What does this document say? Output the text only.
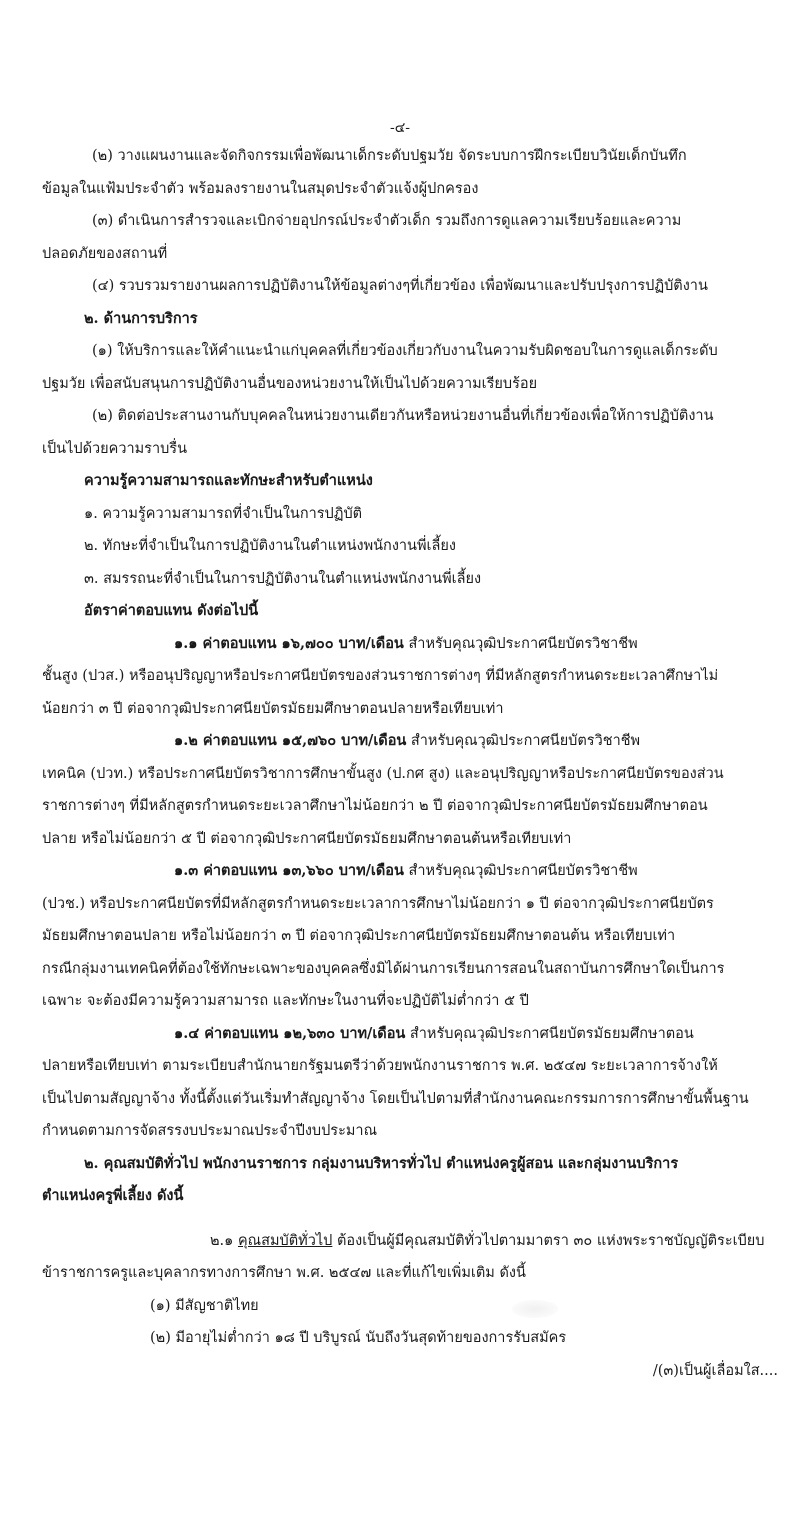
-๔-
(๒) วางแผนงานและจัดกิจกรรมเพื่อพัฒนาเด็กระดับปฐมวัย จัดระบบการฝึกระเบียบวินัยเด็กบันทึก
ข้อมูลในแฟ้มประจำตัว พร้อมลงรายงานในสมุดประจำตัวแจ้งผู้ปกครอง
(๓) ดำเนินการสำรวจและเบิกจ่ายอุปกรณ์ประจำตัวเด็ก รวมถึงการดูแลความเรียบร้อยและความ
ปลอดภัยของสถานที่
(๔) รวบรวมรายงานผลการปฏิบัติงานให้ข้อมูลต่างๆที่เกี่ยวข้อง เพื่อพัฒนาและปรับปรุงการปฏิบัติงาน
๒. ด้านการบริการ
(๑) ให้บริการและให้คำแนะนำแก่บุคคลที่เกี่ยวข้องเกี่ยวกับงานในความรับผิดชอบในการดูแลเด็กระดับ
ปฐมวัย เพื่อสนับสนุนการปฏิบัติงานอื่นของหน่วยงานให้เป็นไปด้วยความเรียบร้อย
(๒) ติดต่อประสานงานกับบุคคลในหน่วยงานเดียวกันหรือหน่วยงานอื่นที่เกี่ยวข้องเพื่อให้การปฏิบัติงาน
เป็นไปด้วยความราบรื่น
ความรู้ความสามารถและทักษะสำหรับตำแหน่ง
๑. ความรู้ความสามารถที่จำเป็นในการปฏิบัติ
๒. ทักษะที่จำเป็นในการปฏิบัติงานในตำแหน่งพนักงานพี่เลี้ยง
๓. สมรรถนะที่จำเป็นในการปฏิบัติงานในตำแหน่งพนักงานพี่เลี้ยง
อัตราค่าตอบแทน ดังต่อไปนี้
๑.๑ ค่าตอบแทน ๑๖,๗๐๐ บาท/เดือน สำหรับคุณวุฒิประกาศนียบัตรวิชาชีพ
ชั้นสูง (ปวส.) หรืออนุปริญญาหรือประกาศนียบัตรของส่วนราชการต่างๆ ที่มีหลักสูตรกำหนดระยะเวลาศึกษาไม่
น้อยกว่า ๓ ปี ต่อจากวุฒิประกาศนียบัตรมัธยมศึกษาตอนปลายหรือเทียบเท่า
๑.๒ ค่าตอบแทน ๑๕,๗๖๐ บาท/เดือน สำหรับคุณวุฒิประกาศนียบัตรวิชาชีพ
เทคนิค (ปวท.) หรือประกาศนียบัตรวิชาการศึกษาขั้นสูง (ป.กศ สูง) และอนุปริญญาหรือประกาศนียบัตรของส่วน
ราชการต่างๆ ที่มีหลักสูตรกำหนดระยะเวลาศึกษาไม่น้อยกว่า ๒ ปี ต่อจากวุฒิประกาศนียบัตรมัธยมศึกษาตอน
ปลาย หรือไม่น้อยกว่า ๕ ปี ต่อจากวุฒิประกาศนียบัตรมัธยมศึกษาตอนต้นหรือเทียบเท่า
๑.๓ ค่าตอบแทน ๑๓,๖๖๐ บาท/เดือน สำหรับคุณวุฒิประกาศนียบัตรวิชาชีพ
(ปวช.) หรือประกาศนียบัตรที่มีหลักสูตรกำหนดระยะเวลาการศึกษาไม่น้อยกว่า ๑ ปี ต่อจากวุฒิประกาศนียบัตร
มัธยมศึกษาตอนปลาย หรือไม่น้อยกว่า ๓ ปี ต่อจากวุฒิประกาศนียบัตรมัธยมศึกษาตอนต้น หรือเทียบเท่า
กรณีกลุ่มงานเทคนิคที่ต้องใช้ทักษะเฉพาะของบุคคลซึ่งมิได้ผ่านการเรียนการสอนในสถาบันการศึกษาใดเป็นการ
เฉพาะ จะต้องมีความรู้ความสามารถ และทักษะในงานที่จะปฏิบัติไม่ต่ำกว่า ๕ ปี
๑.๔ ค่าตอบแทน ๑๒,๖๓๐ บาท/เดือน สำหรับคุณวุฒิประกาศนียบัตรมัธยมศึกษาตอน
ปลายหรือเทียบเท่า ตามระเบียบสำนักนายกรัฐมนตรีว่าด้วยพนักงานราชการ พ.ศ. ๒๕๔๗ ระยะเวลาการจ้างให้
เป็นไปตามสัญญาจ้าง ทั้งนี้ตั้งแต่วันเริ่มทำสัญญาจ้าง โดยเป็นไปตามที่สำนักงานคณะกรรมการการศึกษาขั้นพื้นฐาน
กำหนดตามการจัดสรรงบประมาณประจำปีงบประมาณ
๒. คุณสมบัติทั่วไป พนักงานราชการ กลุ่มงานบริหารทั่วไป ตำแหน่งครูผู้สอน และกลุ่มงานบริการ
ตำแหน่งครูพี่เลี้ยง ดังนี้
๒.๑ คุณสมบัติทั่วไป ต้องเป็นผู้มีคุณสมบัติทั่วไปตามมาตรา ๓๐ แห่งพระราชบัญญัติระเบียบ
ข้าราชการครูและบุคลากรทางการศึกษา พ.ศ. ๒๕๔๗ และที่แก้ไขเพิ่มเติม ดังนี้
(๑) มีสัญชาติไทย
(๒) มีอายุไม่ต่ำกว่า ๑๘ ปี บริบูรณ์ นับถึงวันสุดท้ายของการรับสมัคร
/(๓)เป็นผู้เลื่อมใส....
